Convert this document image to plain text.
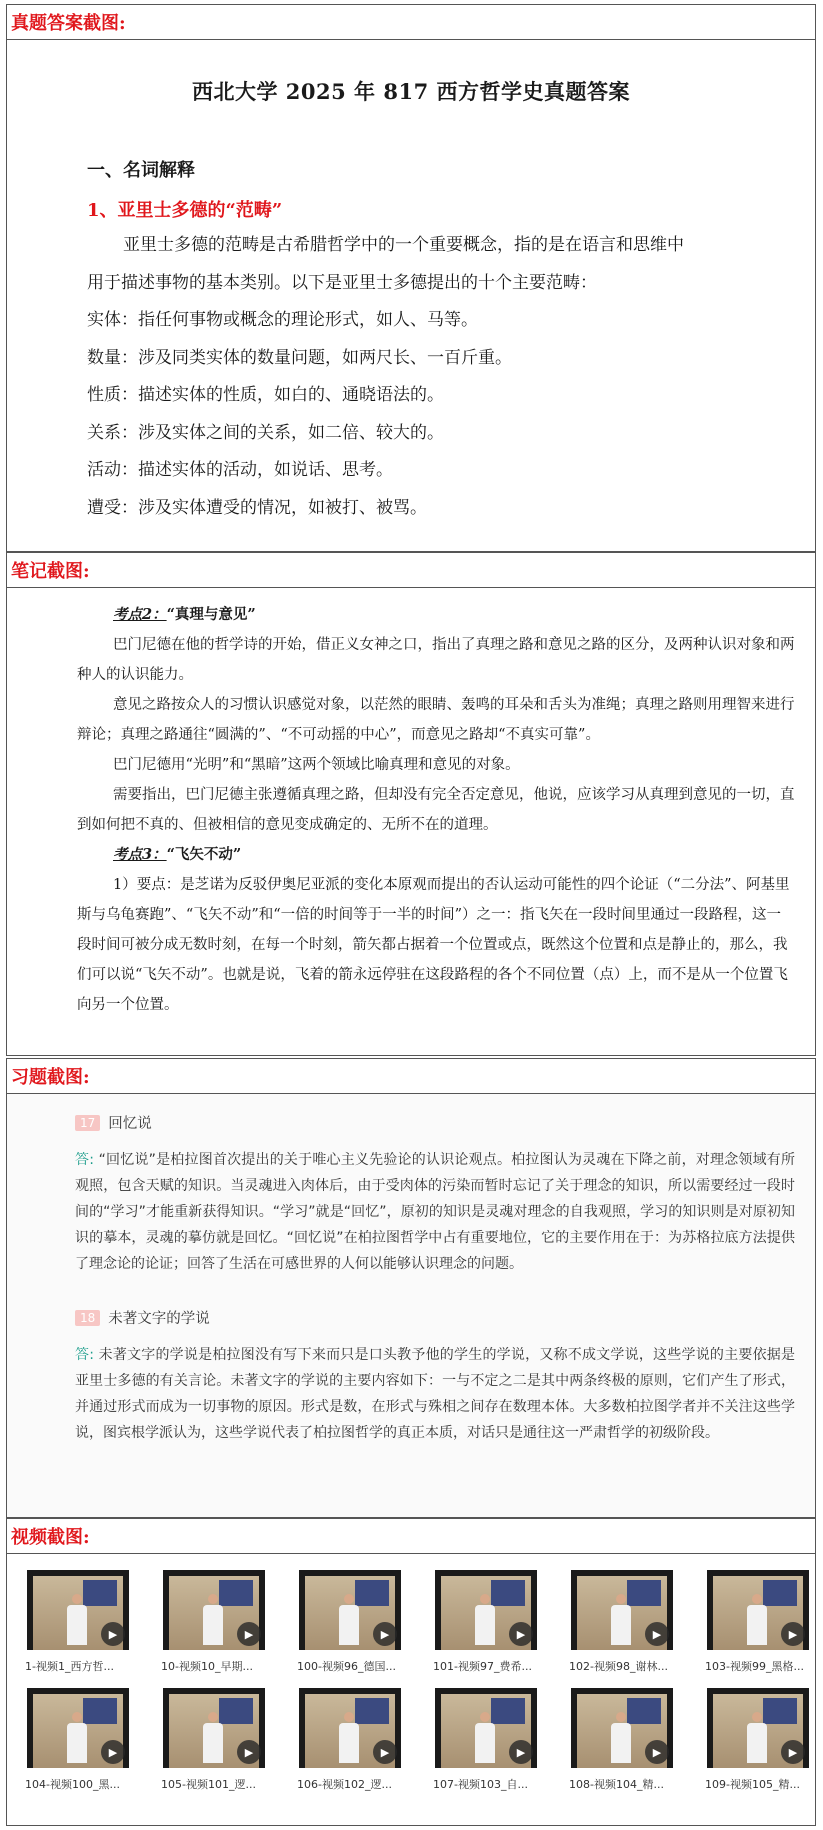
真题答案截图:
西北大学 2025 年 817 西方哲学史真题答案
一、名词解释
1、亚里士多德的“范畴”
亚里士多德的范畴是古希腊哲学中的一个重要概念，指的是在语言和思维中
用于描述事物的基本类别。以下是亚里士多德提出的十个主要范畴：
实体：指任何事物或概念的理论形式，如人、马等。
数量：涉及同类实体的数量问题，如两尺长、一百斤重。
性质：描述实体的性质，如白的、通晓语法的。
关系：涉及实体之间的关系，如二倍、较大的。
活动：描述实体的活动，如说话、思考。
遭受：涉及实体遭受的情况，如被打、被骂。
笔记截图:
考点2：“真理与意见”
巴门尼德在他的哲学诗的开始，借正义女神之口，指出了真理之路和意见之路的区分，及两种认识对象和两种人的认识能力。
意见之路按众人的习惯认识感觉对象，以茫然的眼睛、轰鸣的耳朵和舌头为准绳；真理之路则用理智来进行辩论；真理之路通往“圆满的”、“不可动摇的中心”，而意见之路却“不真实可靠”。
巴门尼德用“光明”和“黑暗”这两个领域比喻真理和意见的对象。
需要指出，巴门尼德主张遵循真理之路，但却没有完全否定意见，他说，应该学习从真理到意见的一切，直到如何把不真的、但被相信的意见变成确定的、无所不在的道理。
考点3：“飞矢不动”
1）要点：是芝诺为反驳伊奥尼亚派的变化本原观而提出的否认运动可能性的四个论证（“二分法”、阿基里斯与乌龟赛跑”、“飞矢不动”和“一倍的时间等于一半的时间”）之一：指飞矢在一段时间里通过一段路程，这一段时间可被分成无数时刻，在每一个时刻，箭矢都占据着一个位置或点，既然这个位置和点是静止的，那么，我们可以说“飞矢不动”。也就是说，飞着的箭永远停驻在这段路程的各个不同位置（点）上，而不是从一个位置飞向另一个位置。
习题截图:
17 回忆说
答: “回忆说”是柏拉图首次提出的关于唯心主义先验论的认识论观点。柏拉图认为灵魂在下降之前，对理念领域有所观照，包含天赋的知识。当灵魂进入肉体后，由于受肉体的污染而暂时忘记了关于理念的知识，所以需要经过一段时间的“学习”才能重新获得知识。“学习”就是“回忆”，原初的知识是灵魂对理念的自我观照，学习的知识则是对原初知识的摹本，灵魂的摹仿就是回忆。“回忆说”在柏拉图哲学中占有重要地位，它的主要作用在于：为苏格拉底方法提供了理念论的论证；回答了生活在可感世界的人何以能够认识理念的问题。
18 未著文字的学说
答: 未著文字的学说是柏拉图没有写下来而只是口头教予他的学生的学说，又称不成文学说，这些学说的主要依据是亚里士多德的有关言论。未著文字的学说的主要内容如下：一与不定之二是其中两条终极的原则，它们产生了形式，并通过形式而成为一切事物的原因。形式是数，在形式与殊相之间存在数理本体。大多数柏拉图学者并不关注这些学说，图宾根学派认为，这些学说代表了柏拉图哲学的真正本质，对话只是通往这一严肃哲学的初级阶段。
视频截图:
▶
1-视频1_西方哲...
▶
10-视频10_早期...
▶
100-视频96_德国...
▶
101-视频97_费希...
▶
102-视频98_谢林...
▶
103-视频99_黑格...
▶
104-视频100_黑...
▶
105-视频101_逻...
▶
106-视频102_逻...
▶
107-视频103_自...
▶
108-视频104_精...
▶
109-视频105_精...
